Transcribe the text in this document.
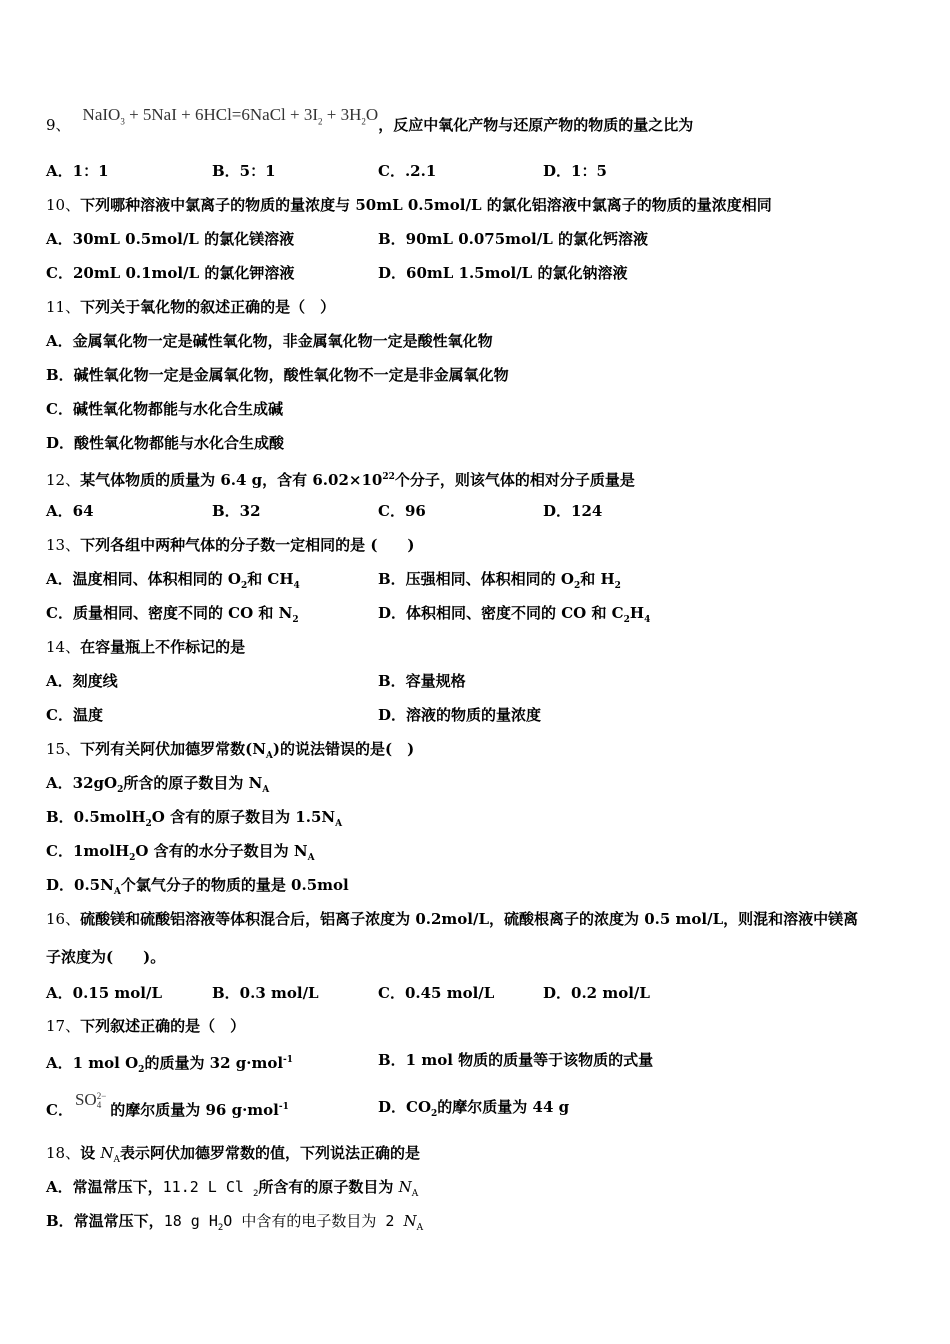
9、NaIO$_3$ + 5NaI + 6HCl=6NaCl + $3I_2 + 3H_2O$，反应中氧化产物与还原产物的物质的量之比为
A．1：1	B．5：1	C．.2.1	D．1：5
10、下列哪种溶液中氯离子的物质的量浓度与 50mL 0.5mol/L 的氯化铝溶液中氯离子的物质的量浓度相同
A．30mL 0.5mol/L 的氯化镁溶液	B．90mL 0.075mol/L 的氯化钙溶液
C．20mL 0.1mol/L 的氯化钾溶液	D．60mL 1.5mol/L 的氯化钠溶液
11、下列关于氧化物的叙述正确的是（　）
A．金属氧化物一定是碱性氧化物，非金属氧化物一定是酸性氧化物
B．碱性氧化物一定是金属氧化物，酸性氧化物不一定是非金属氧化物
C．碱性氧化物都能与水化合生成碱
D．酸性氧化物都能与水化合生成酸
12、某气体物质的质量为 6.4 g，含有 $6.02\times 10^{22}$个分子，则该气体的相对分子质量是
A．64	B．32	C．96	D．124
13、下列各组中两种气体的分子数一定相同的是 (　　)
A．温度相同、体积相同的 $O_2$和 $CH_4$	B．压强相同、体积相同的 $O_2$和 $H_2$
C．质量相同、密度不同的 CO 和 $N_2$	D．体积相同、密度不同的 CO 和 $C_2H_4$
14、在容量瓶上不作标记的是
A．刻度线	B．容量规格
C．温度	D．溶液的物质的量浓度
15、下列有关阿伏加德罗常数$(N_A)$的说法错误的是(　)
A．$32gO_2$所含的原子数目为 $N_A$
B．0.5molH$_2$O 含有的原子数目为 $1.5N_A$
C．1molH$_2$O 含有的水分子数目为 $N_A$
D．$0.5N_A$个氯气分子的物质的量是 0.5mol
16、硫酸镁和硫酸铝溶液等体积混合后，铝离子浓度为 0.2mol/L，硫酸根离子的浓度为 0.5 mol/L，则混和溶液中镁离
子浓度为(　　)。
A．0.15 mol/L	B．0.3 mol/L	C．0.45 mol/L	D．0.2 mol/L
17、下列叙述正确的是（　）
A．1 mol $O_2$的质量为 32 g·mol$^{-1}$	B．1 mol 物质的质量等于该物质的式量
C．SO 2−
4 的摩尔质量为 96 g·mol$^{-1}$	D．$CO_2$的摩尔质量为 44 g
18、设 $N_A$表示阿伏加德罗常数的值，下列说法正确的是
A．常温常压下，11.2 L Cl $_2$所含有的原子数目为 $N_A$
B．常温常压下，18 g $H_2O$ 中含有的电子数目为 2 $N_A$
